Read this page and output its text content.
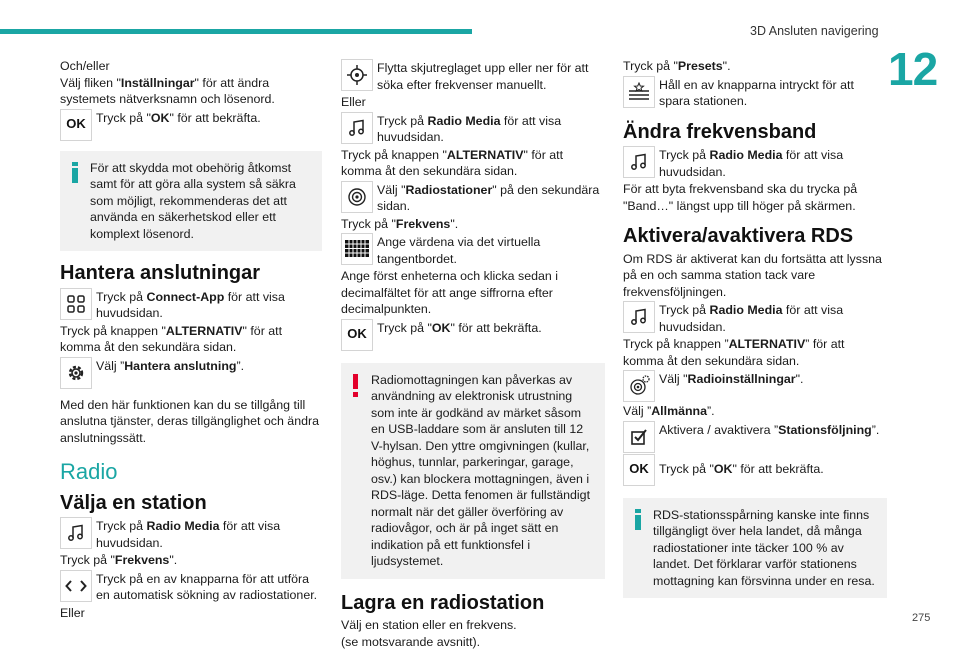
3D Ansluten navigering
12
275

Och/eller

Välj fliken "Inställningar" för att ändra systemets nätverksnamn och lösenord.

OK Tryck på "OK" för att bekräfta.
För att skydda mot obehörig åtkomst samt för att göra alla system så säkra som möjligt, rekommenderas det att använda en säkerhetskod eller ett komplext lösenord.
Hantera anslutningar
Tryck på Connect-App för att visa huvudsidan.

Tryck på knappen "ALTERNATIV" för att komma åt den sekundära sidan.

Välj ”Hantera anslutning”.

Med den här funktionen kan du se tillgång till anslutna tjänster, deras tillgänglighet och ändra anslutningssätt.

Radio
Välja en station
Tryck på Radio Media för att visa huvudsidan.

Tryck på "Frekvens".

Tryck på en av knapparna för att utföra en automatisk sökning av radiostationer.

Eller

Flytta skjutreglaget upp eller ner för att söka efter frekvenser manuellt.

Eller

Tryck på Radio Media för att visa huvudsidan.

Tryck på knappen "ALTERNATIV" för att komma åt den sekundära sidan.

Välj "Radiostationer" på den sekundära sidan.

Tryck på "Frekvens".

Ange värdena via det virtuella tangentbordet.

Ange först enheterna och klicka sedan i decimalfältet för att ange siffrorna efter decimalpunkten.

OK Tryck på "OK" för att bekräfta.
Radiomottagningen kan påverkas av användning av elektronisk utrustning som inte är godkänd av märket såsom en USB-laddare som är ansluten till 12 V-hylsan. Den yttre omgivningen (kullar, höghus, tunnlar, parkeringar, garage, osv.) kan blockera mottagningen, även i RDS-läge. Detta fenomen är fullständigt normalt när det gäller överföring av radiovågor, och är på inget sätt en indikation på ett funktionsfel i ljudsystemet.
Lagra en radiostation

Välj en station eller en frekvens.

(se motsvarande avsnitt).

Tryck på "Presets".

Håll en av knapparna intryckt för att spara stationen.
Ändra frekvensband
Tryck på Radio Media för att visa huvudsidan.

För att byta frekvensband ska du trycka på "Band…" längst upp till höger på skärmen.

Aktivera/avaktivera RDS

Om RDS är aktiverat kan du fortsätta att lyssna på en och samma station tack vare frekvensföljningen.

Tryck på Radio Media för att visa huvudsidan.

Tryck på knappen ”ALTERNATIV” för att komma åt den sekundära sidan.

Välj "Radioinställningar".

Välj ”Allmänna”.

Aktivera / avaktivera ”Stationsföljning”.
OK Tryck på "OK" för att bekräfta.
RDS-stationsspårning kanske inte finns tillgängligt över hela landet, då många radiostationer inte täcker 100 % av landet. Det förklarar varför stationens mottagning kan försvinna under en resa.
